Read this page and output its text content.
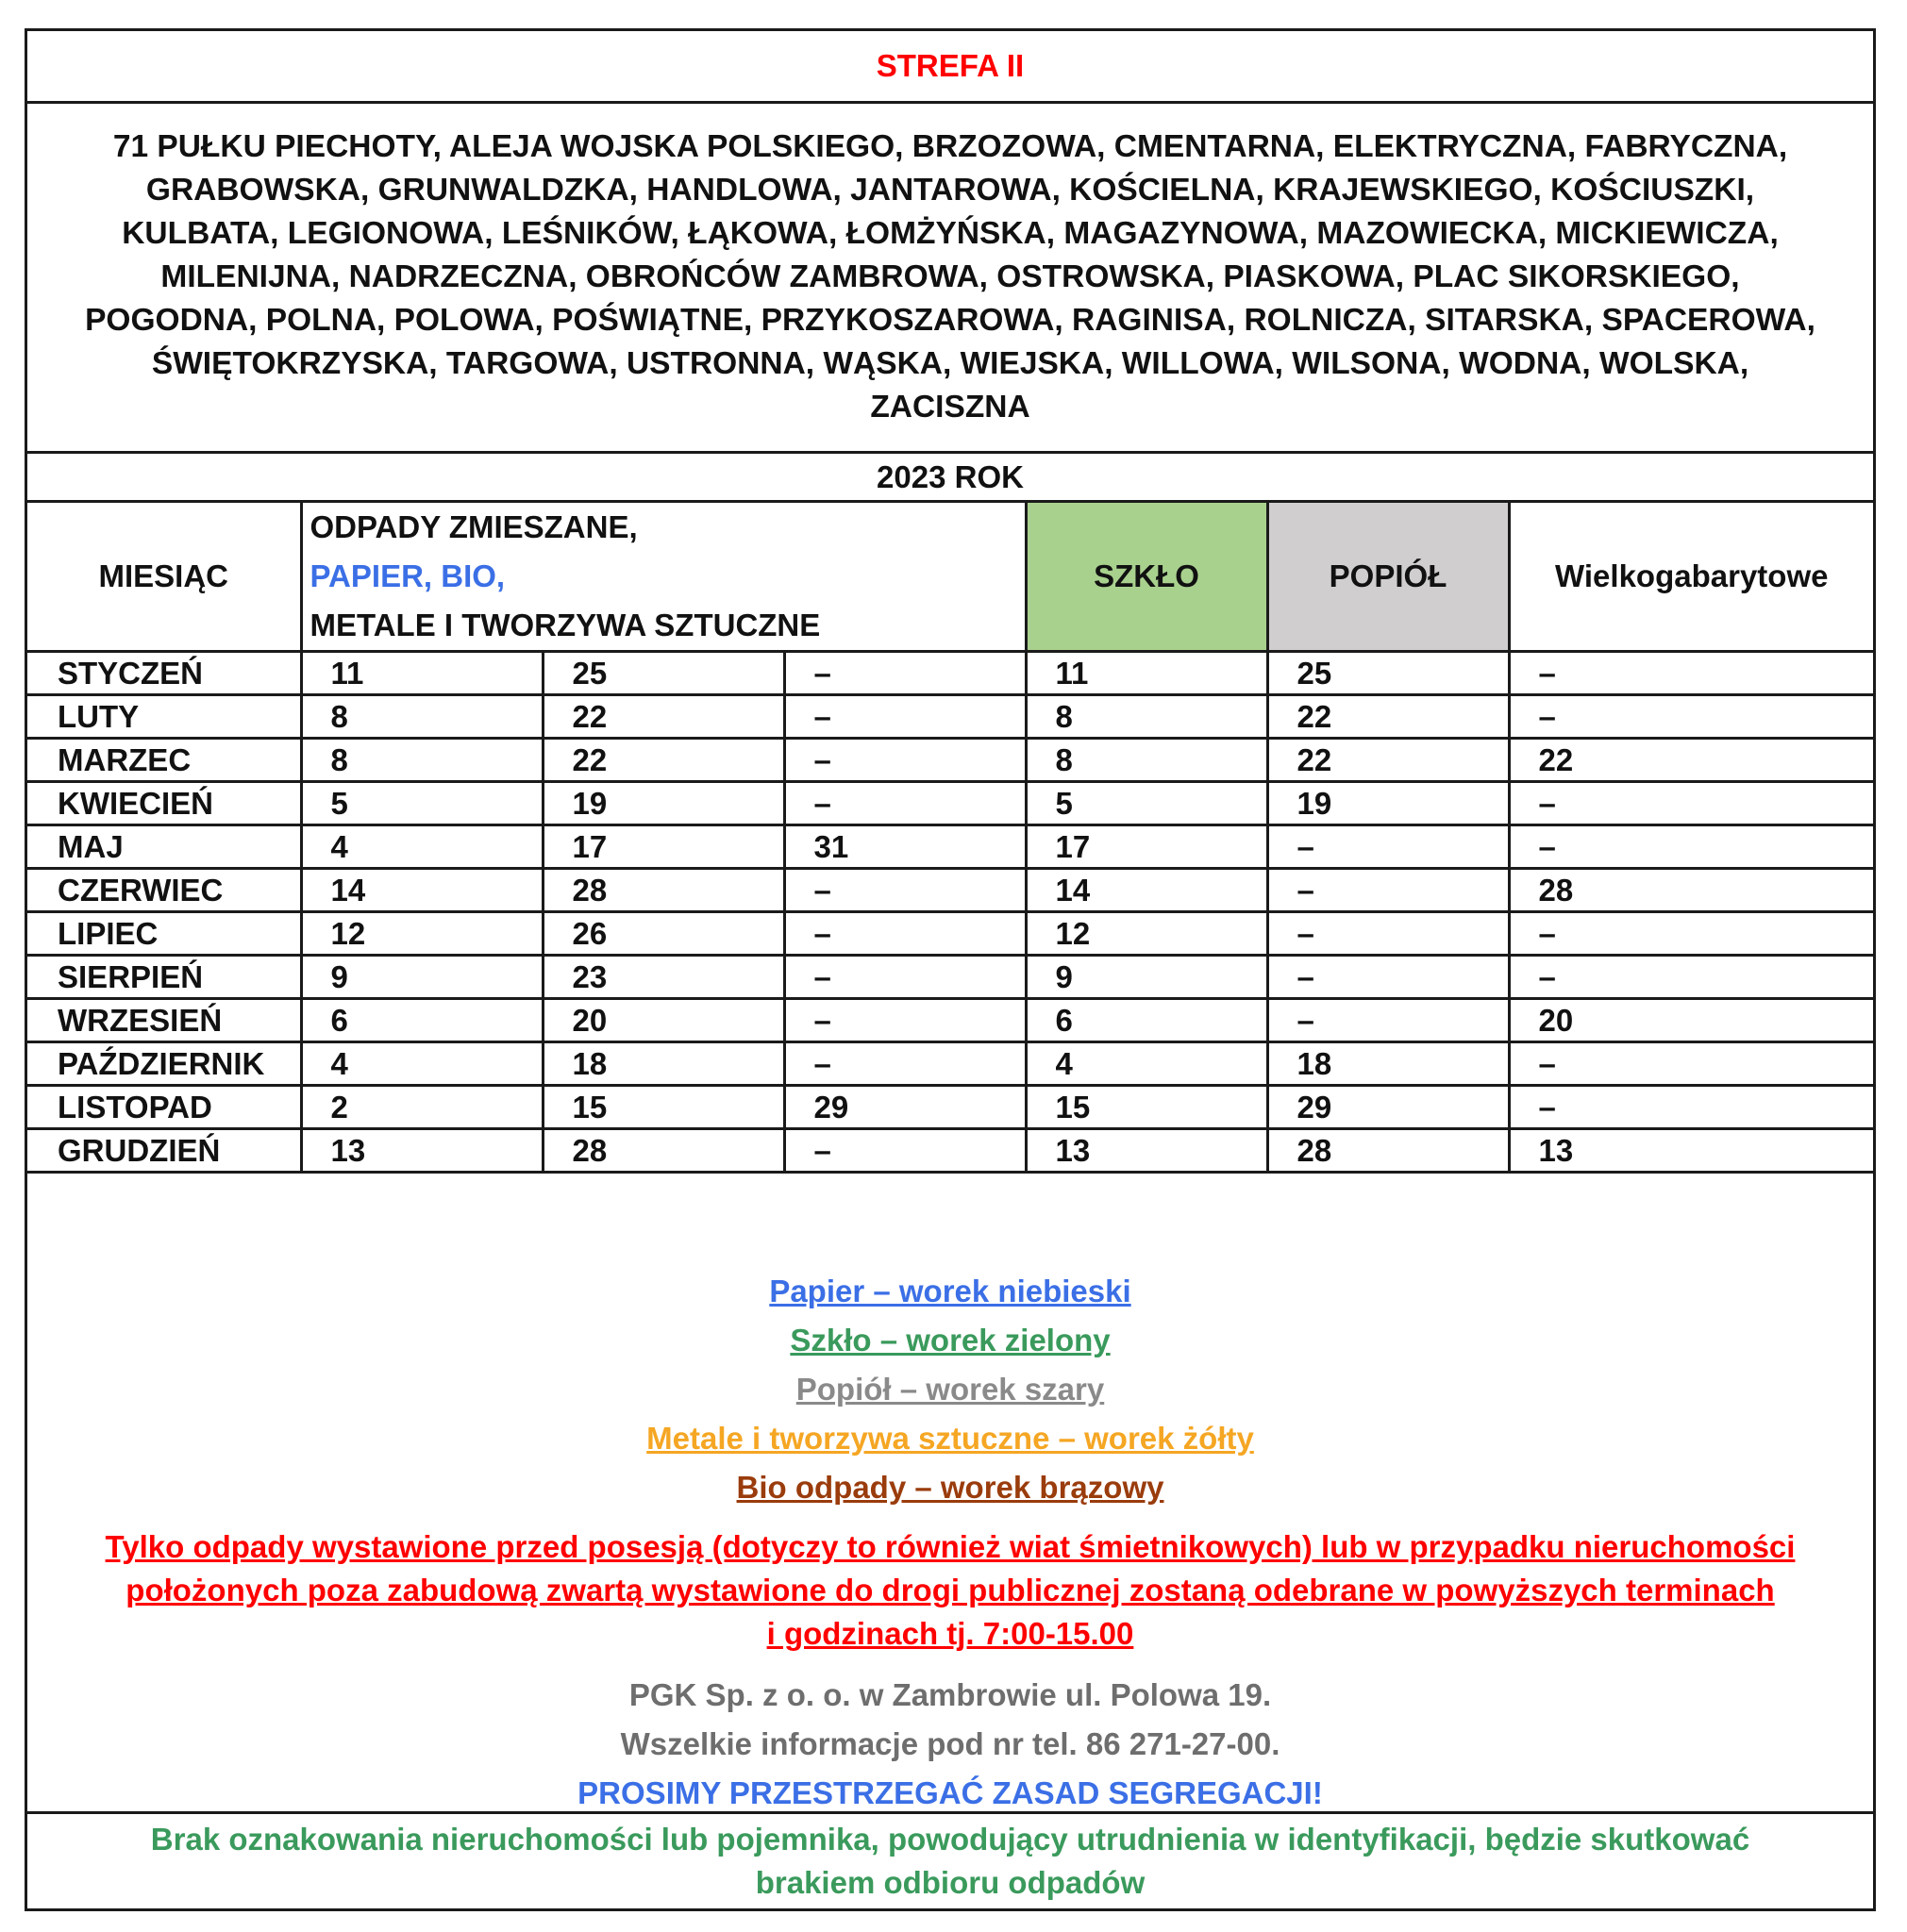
STREFA II
71 PUŁKU PIECHOTY, ALEJA WOJSKA POLSKIEGO, BRZOZOWA, CMENTARNA, ELEKTRYCZNA, FABRYCZNA,
GRABOWSKA, GRUNWALDZKA, HANDLOWA, JANTAROWA, KOŚCIELNA, KRAJEWSKIEGO, KOŚCIUSZKI,
KULBATA, LEGIONOWA, LEŚNIKÓW, ŁĄKOWA, ŁOMŻYŃSKA, MAGAZYNOWA, MAZOWIECKA, MICKIEWICZA,
MILENIJNA, NADRZECZNA, OBROŃCÓW ZAMBROWA, OSTROWSKA, PIASKOWA, PLAC SIKORSKIEGO,
POGODNA, POLNA, POLOWA, POŚWIĄTNE, PRZYKOSZAROWA, RAGINISA, ROLNICZA, SITARSKA, SPACEROWA,
ŚWIĘTOKRZYSKA, TARGOWA, USTRONNA, WĄSKA, WIEJSKA, WILLOWA, WILSONA, WODNA, WOLSKA,
ZACISZNA
2023 ROK
MIESIĄC	ODPADY ZMIESZANE,
PAPIER, BIO,
METALE I TWORZYWA SZTUCZNE			SZKŁO	POPIÓŁ	Wielkogabarytowe
STYCZEŃ	11	25	–	11	25	–
LUTY	8	22	–	8	22	–
MARZEC	8	22	–	8	22	22
KWIECIEŃ	5	19	–	5	19	–
MAJ	4	17	31	17	–	–
CZERWIEC	14	28	–	14	–	28
LIPIEC	12	26	–	12	–	–
SIERPIEŃ	9	23	–	9	–	–
WRZESIEŃ	6	20	–	6	–	20
PAŹDZIERNIK	4	18	–	4	18	–
LISTOPAD	2	15	29	15	29	–
GRUDZIEŃ	13	28	–	13	28	13
Papier – worek niebieski
Szkło – worek zielony
Popiół – worek szary
Metale i tworzywa sztuczne – worek żółty
Bio odpady – worek brązowy
Tylko odpady wystawione przed posesją (dotyczy to również wiat śmietnikowych) lub w przypadku nieruchomości
położonych poza zabudową zwartą wystawione do drogi publicznej zostaną odebrane w powyższych terminach
i godzinach tj. 7:00-15.00
PGK Sp. z o. o. w Zambrowie ul. Polowa 19.
Wszelkie informacje pod nr tel. 86 271-27-00.
PROSIMY PRZESTRZEGAĆ ZASAD SEGREGACJI!
Brak oznakowania nieruchomości lub pojemnika, powodujący utrudnienia w identyfikacji, będzie skutkować
brakiem odbioru odpadów
